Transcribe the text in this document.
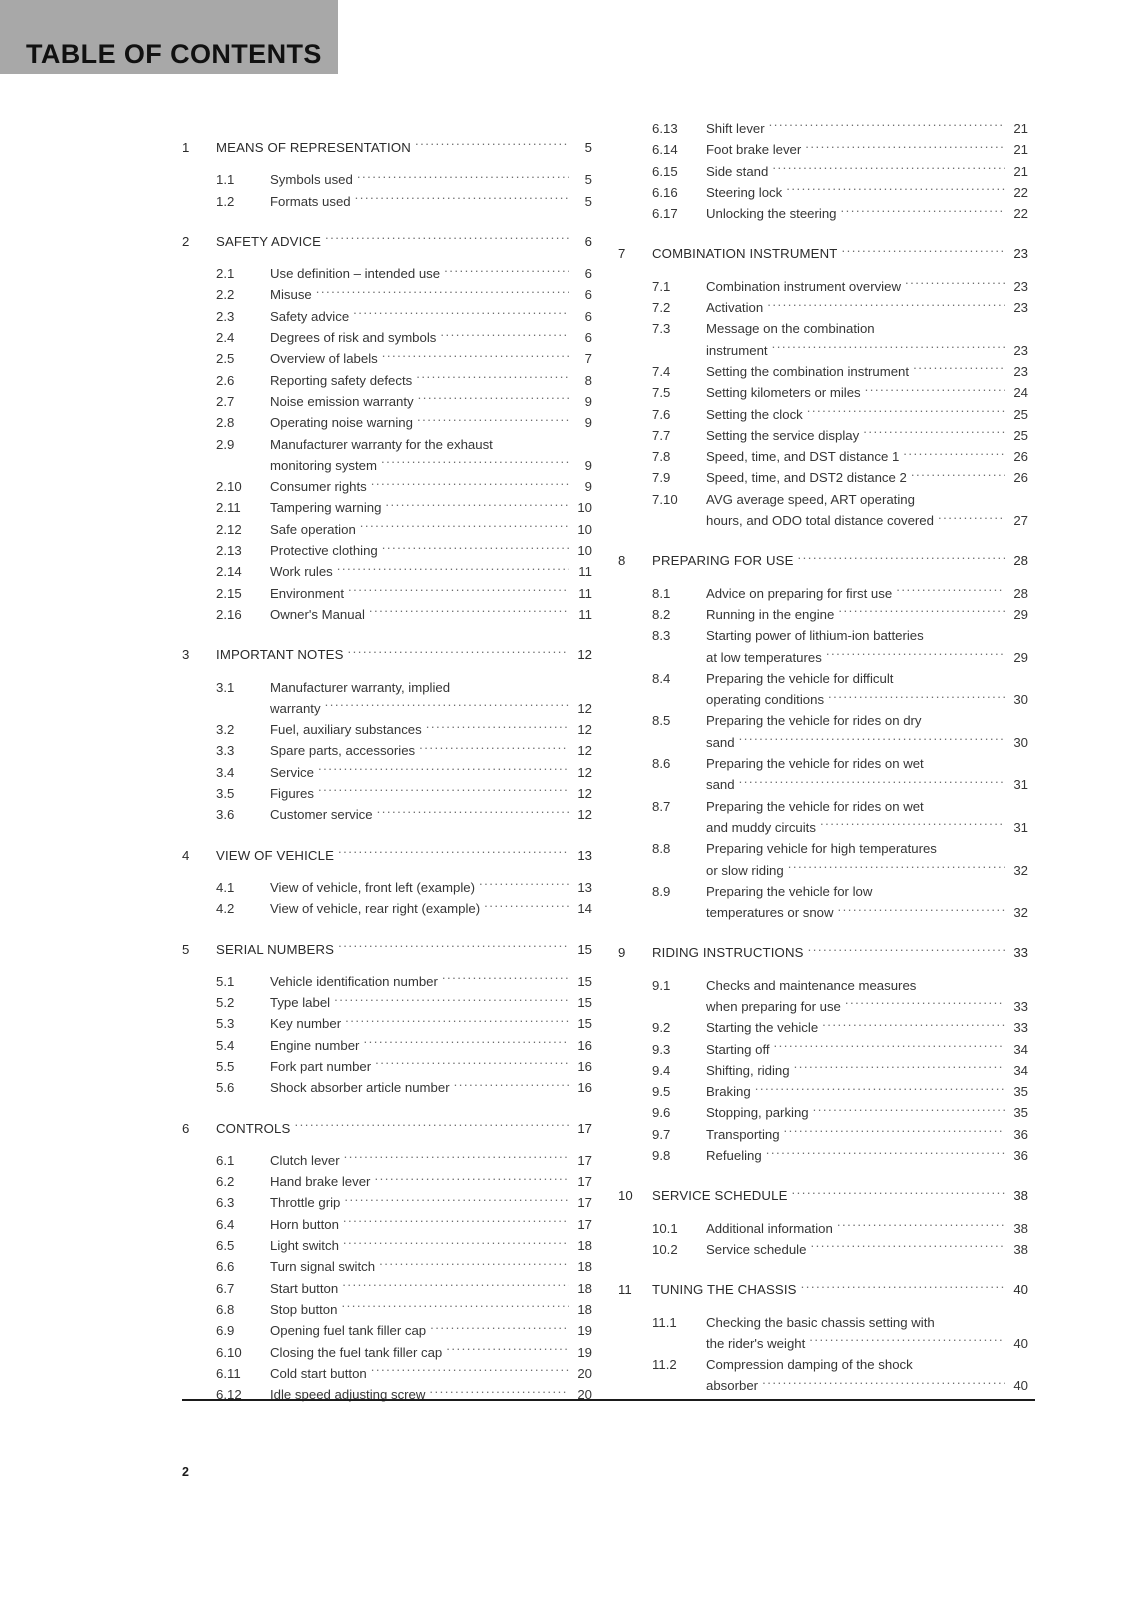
TABLE OF CONTENTS
1	MEANS OF REPRESENTATION . . .	5
1.1	Symbols used . . .	5
1.2	Formats used . . .	5
2	SAFETY ADVICE . . .	6
2.1	Use definition – intended use . . .	6
2.2	Misuse . . .	6
2.3	Safety advice . . .	6
2.4	Degrees of risk and symbols . . .	6
2.5	Overview of labels . . .	7
2.6	Reporting safety defects . . .	8
2.7	Noise emission warranty . . .	9
2.8	Operating noise warning . . .	9
2.9	Manufacturer warranty for the exhaust
monitoring system . . .	9
2.10	Consumer rights . . .	9
2.11	Tampering warning . . .	10
2.12	Safe operation . . .	10
2.13	Protective clothing . . .	10
2.14	Work rules . . .	11
2.15	Environment . . .	11
2.16	Owner's Manual . . .	11
3	IMPORTANT NOTES . . .	12
3.1	Manufacturer warranty, implied
warranty . . .	12
3.2	Fuel, auxiliary substances . . .	12
3.3	Spare parts, accessories . . .	12
3.4	Service . . .	12
3.5	Figures . . .	12
3.6	Customer service . . .	12
4	VIEW OF VEHICLE . . .	13
4.1	View of vehicle, front left (example) . . .	13
4.2	View of vehicle, rear right (example) . . .	14
5	SERIAL NUMBERS . . .	15
5.1	Vehicle identification number . . .	15
5.2	Type label . . .	15
5.3	Key number . . .	15
5.4	Engine number . . .	16
5.5	Fork part number . . .	16
5.6	Shock absorber article number . . .	16
6	CONTROLS . . .	17
6.1	Clutch lever . . .	17
6.2	Hand brake lever . . .	17
6.3	Throttle grip . . .	17
6.4	Horn button . . .	17
6.5	Light switch . . .	18
6.6	Turn signal switch . . .	18
6.7	Start button . . .	18
6.8	Stop button . . .	18
6.9	Opening fuel tank filler cap . . .	19
6.10	Closing the fuel tank filler cap . . .	19
6.11	Cold start button . . .	20
6.12	Idle speed adjusting screw . . .	20
6.13	Shift lever . . .	21
6.14	Foot brake lever . . .	21
6.15	Side stand . . .	21
6.16	Steering lock . . .	22
6.17	Unlocking the steering . . .	22
7	COMBINATION INSTRUMENT . . .	23
7.1	Combination instrument overview . . .	23
7.2	Activation . . .	23
7.3	Message on the combination
instrument . . .	23
7.4	Setting the combination instrument . . .	23
7.5	Setting kilometers or miles . . .	24
7.6	Setting the clock . . .	25
7.7	Setting the service display . . .	25
7.8	Speed, time, and DST distance 1 . . .	26
7.9	Speed, time, and DST2 distance 2 . . .	26
7.10	AVG average speed, ART operating
hours, and ODO total distance covered . . .	27
8	PREPARING FOR USE . . .	28
8.1	Advice on preparing for first use . . .	28
8.2	Running in the engine . . .	29
8.3	Starting power of lithium-ion batteries
at low temperatures . . .	29
8.4	Preparing the vehicle for difficult
operating conditions . . .	30
8.5	Preparing the vehicle for rides on dry
sand . . .	30
8.6	Preparing the vehicle for rides on wet
sand . . .	31
8.7	Preparing the vehicle for rides on wet
and muddy circuits . . .	31
8.8	Preparing vehicle for high temperatures
or slow riding . . .	32
8.9	Preparing the vehicle for low
temperatures or snow . . .	32
9	RIDING INSTRUCTIONS . . .	33
9.1	Checks and maintenance measures
when preparing for use . . .	33
9.2	Starting the vehicle . . .	33
9.3	Starting off . . .	34
9.4	Shifting, riding . . .	34
9.5	Braking . . .	35
9.6	Stopping, parking . . .	35
9.7	Transporting . . .	36
9.8	Refueling . . .	36
10	SERVICE SCHEDULE . . .	38
10.1	Additional information . . .	38
10.2	Service schedule . . .	38
11	TUNING THE CHASSIS . . .	40
11.1	Checking the basic chassis setting with
the rider's weight . . .	40
11.2	Compression damping of the shock
absorber . . .	40
2
